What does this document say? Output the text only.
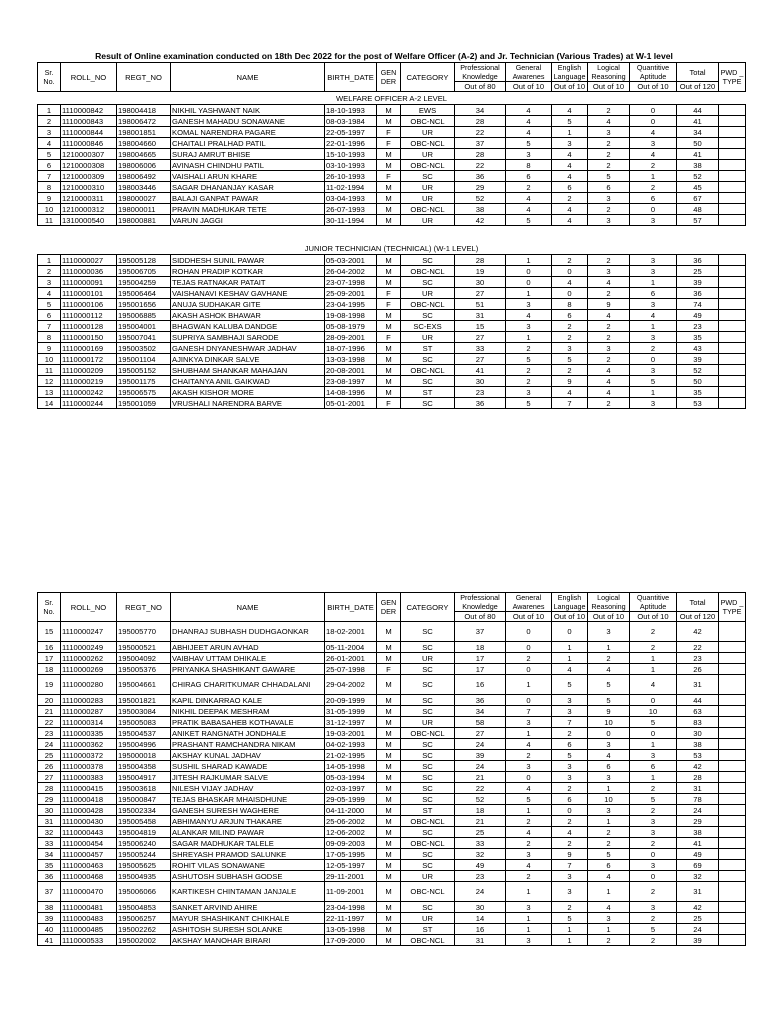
Result of Online examination conducted on 18th Dec 2022 for the post of Welfare Officer (A-2) and Jr. Technician (Various Trades) at W-1 level
Sr. No.	ROLL_NO	REGT_NO	NAME	BIRTH_DATE	GEN DER	CATEGORY	Professional Knowledge	General Awarenes	English Language	Logical Reasoning	Quantitive Aptitude	Total	PWD _ TYPE
							Out of 80	Out of 10	Out of 10	Out of 10	Out of 10	Out of 120	
WELFARE OFFICER A-2 LEVEL													
1	1110000842	198004418	NIKHIL YASHWANT NAIK	18-10-1993	M	EWS	34	4	4	2	0	44	
2	1110000843	198006472	GANESH MAHADU SONAWANE	08-03-1984	M	OBC-NCL	28	4	5	4	0	41	
3	1110000844	198001851	KOMAL NARENDRA PAGARE	22-05-1997	F	UR	22	4	1	3	4	34	
4	1110000846	198004660	CHAITALI PRALHAD PATIL	22-01-1996	F	OBC-NCL	37	5	3	2	3	50	
5	1210000307	198004665	SURAJ AMRUT BHISE	15-10-1993	M	UR	28	3	4	2	4	41	
6	1210000308	198006006	AVINASH CHINDHU PATIL	03-10-1993	M	OBC-NCL	22	8	4	2	2	38	
7	1210000309	198006492	VAISHALI ARUN KHARE	26-10-1993	F	SC	36	6	4	5	1	52	
8	1210000310	198003446	SAGAR DHANANJAY KASAR	11-02-1994	M	UR	29	2	6	6	2	45	
9	1210000311	198000027	BALAJI GANPAT PAWAR	03-04-1993	M	UR	52	4	2	3	6	67	
10	1210000312	198000011	PRAVIN MADHUKAR TETE	26-07-1993	M	OBC-NCL	38	4	4	2	0	48	
11	1310000540	198000881	VARUN JAGGI	30-11-1994	M	UR	42	5	4	3	3	57	

JUNIOR TECHNICIAN (TECHNICAL) (W-1 LEVEL)													
1	1110000027	195005128	SIDDHESH SUNIL PAWAR	05-03-2001	M	SC	28	1	2	2	3	36	
2	1110000036	195006705	ROHAN PRADIP KOTKAR	26-04-2002	M	OBC-NCL	19	0	0	3	3	25	
3	1110000091	195004259	TEJAS RATNAKAR PATAIT	23-07-1998	M	SC	30	0	4	4	1	39	
4	1110000101	195006464	VAISHANAVI KESHAV GAVHANE	25-09-2001	F	UR	27	1	0	2	6	36	
5	1110000106	195001656	ANUJA SUDHAKAR GITE	23-04-1995	F	OBC-NCL	51	3	8	9	3	74	
6	1110000112	195006885	AKASH ASHOK BHAWAR	19-08-1998	M	SC	31	4	6	4	4	49	
7	1110000128	195004001	BHAGWAN KALUBA DANDGE	05-08-1979	M	SC-EXS	15	3	2	2	1	23	
8	1110000150	195007041	SUPRIYA SAMBHAJI SARODE	28-09-2001	F	UR	27	1	2	2	3	35	
9	1110000169	195003502	GANESH DNYANESHWAR JADHAV	18-07-1996	M	ST	33	2	3	3	2	43	
10	1110000172	195001104	AJINKYA DINKAR SALVE	13-03-1998	M	SC	27	5	5	2	0	39	
11	1110000209	195005152	SHUBHAM SHANKAR MAHAJAN	20-08-2001	M	OBC-NCL	41	2	2	4	3	52	
12	1110000219	195001175	CHAITANYA ANIL GAIKWAD	23-08-1997	M	SC	30	2	9	4	5	50	
13	1110000242	195006575	AKASH KISHOR MORE	14-08-1996	M	ST	23	3	4	4	1	35	
14	1110000244	195001059	VRUSHALI NARENDRA BARVE	05-01-2001	F	SC	36	5	7	2	3	53	
Sr. No.	ROLL_NO	REGT_NO	NAME	BIRTH_DATE	GEN DER	CATEGORY	Professional Knowledge	General Awarenes	English Language	Logical Reasoning	Quantitive Aptitude	Total	PWD _ TYPE
							Out of 80	Out of 10	Out of 10	Out of 10	Out of 10	Out of 120	
15	1110000247	195005770	DHANRAJ SUBHASH DUDHGAONKAR	18-02-2001	M	SC	37	0	0	3	2	42	
16	1110000249	195000521	ABHIJEET ARUN AVHAD	05-11-2004	M	SC	18	0	1	1	2	22	
17	1110000262	195004092	VAIBHAV UTTAM DHIKALE	26-01-2001	M	UR	17	2	1	2	1	23	
18	1110000269	195005376	PRIYANKA SHASHIKANT GAWARE	25-07-1998	F	SC	17	0	4	4	1	26	
19	1110000280	195004661	CHIRAG CHARITKUMAR CHHADALANI	29-04-2002	M	SC	16	1	5	5	4	31	
20	1110000283	195001821	KAPIL DINKARRAO KALE	20-09-1999	M	SC	36	0	3	5	0	44	
21	1110000287	195003084	NIKHIL DEEPAK MESHRAM	31-05-1999	M	SC	34	7	3	9	10	63	
22	1110000314	195005083	PRATIK BABASAHEB KOTHAVALE	31-12-1997	M	UR	58	3	7	10	5	83	
23	1110000335	195004537	ANIKET RANGNATH JONDHALE	19-03-2001	M	OBC-NCL	27	1	2	0	0	30	
24	1110000362	195004996	PRASHANT RAMCHANDRA NIKAM	04-02-1993	M	SC	24	4	6	3	1	38	
25	1110000372	195000018	AKSHAY KUNAL JADHAV	21-02-1995	M	SC	39	2	5	4	3	53	
26	1110000378	195004358	SUSHIL SHARAD KAWADE	14-05-1998	M	SC	24	3	3	6	6	42	
27	1110000383	195004917	JITESH RAJKUMAR SALVE	05-03-1994	M	SC	21	0	3	3	1	28	
28	1110000415	195003618	NILESH VIJAY JADHAV	02-03-1997	M	SC	22	4	2	1	2	31	
29	1110000418	195000847	TEJAS BHASKAR MHAISDHUNE	29-05-1999	M	SC	52	5	6	10	5	78	
30	1110000428	195002334	GANESH SURESH WAGHERE	04-11-2000	M	ST	18	1	0	3	2	24	
31	1110000430	195005458	ABHIMANYU ARJUN THAKARE	25-06-2002	M	OBC-NCL	21	2	2	1	3	29	
32	1110000443	195004819	ALANKAR MILIND PAWAR	12-06-2002	M	SC	25	4	4	2	3	38	
33	1110000454	195006240	SAGAR MADHUKAR TALELE	09-09-2003	M	OBC-NCL	33	2	2	2	2	41	
34	1110000457	195005244	SHREYASH PRAMOD SALUNKE	17-05-1995	M	SC	32	3	9	5	0	49	
35	1110000463	195005625	ROHIT VILAS SONAWANE	12-05-1997	M	SC	49	4	7	6	3	69	
36	1110000468	195004935	ASHUTOSH SUBHASH GODSE	29-11-2001	M	UR	23	2	3	4	0	32	
37	1110000470	195006066	KARTIKESH CHINTAMAN JANJALE	11-09-2001	M	OBC-NCL	24	1	3	1	2	31	
38	1110000481	195004853	SANKET ARVIND AHIRE	23-04-1998	M	SC	30	3	2	4	3	42	
39	1110000483	195006257	MAYUR SHASHIKANT CHIKHALE	22-11-1997	M	UR	14	1	5	3	2	25	
40	1110000485	195002262	ASHITOSH SURESH SOLANKE	13-05-1998	M	ST	16	1	1	1	5	24	
41	1110000533	195002002	AKSHAY MANOHAR BIRARI	17-09-2000	M	OBC-NCL	31	3	1	2	2	39	
